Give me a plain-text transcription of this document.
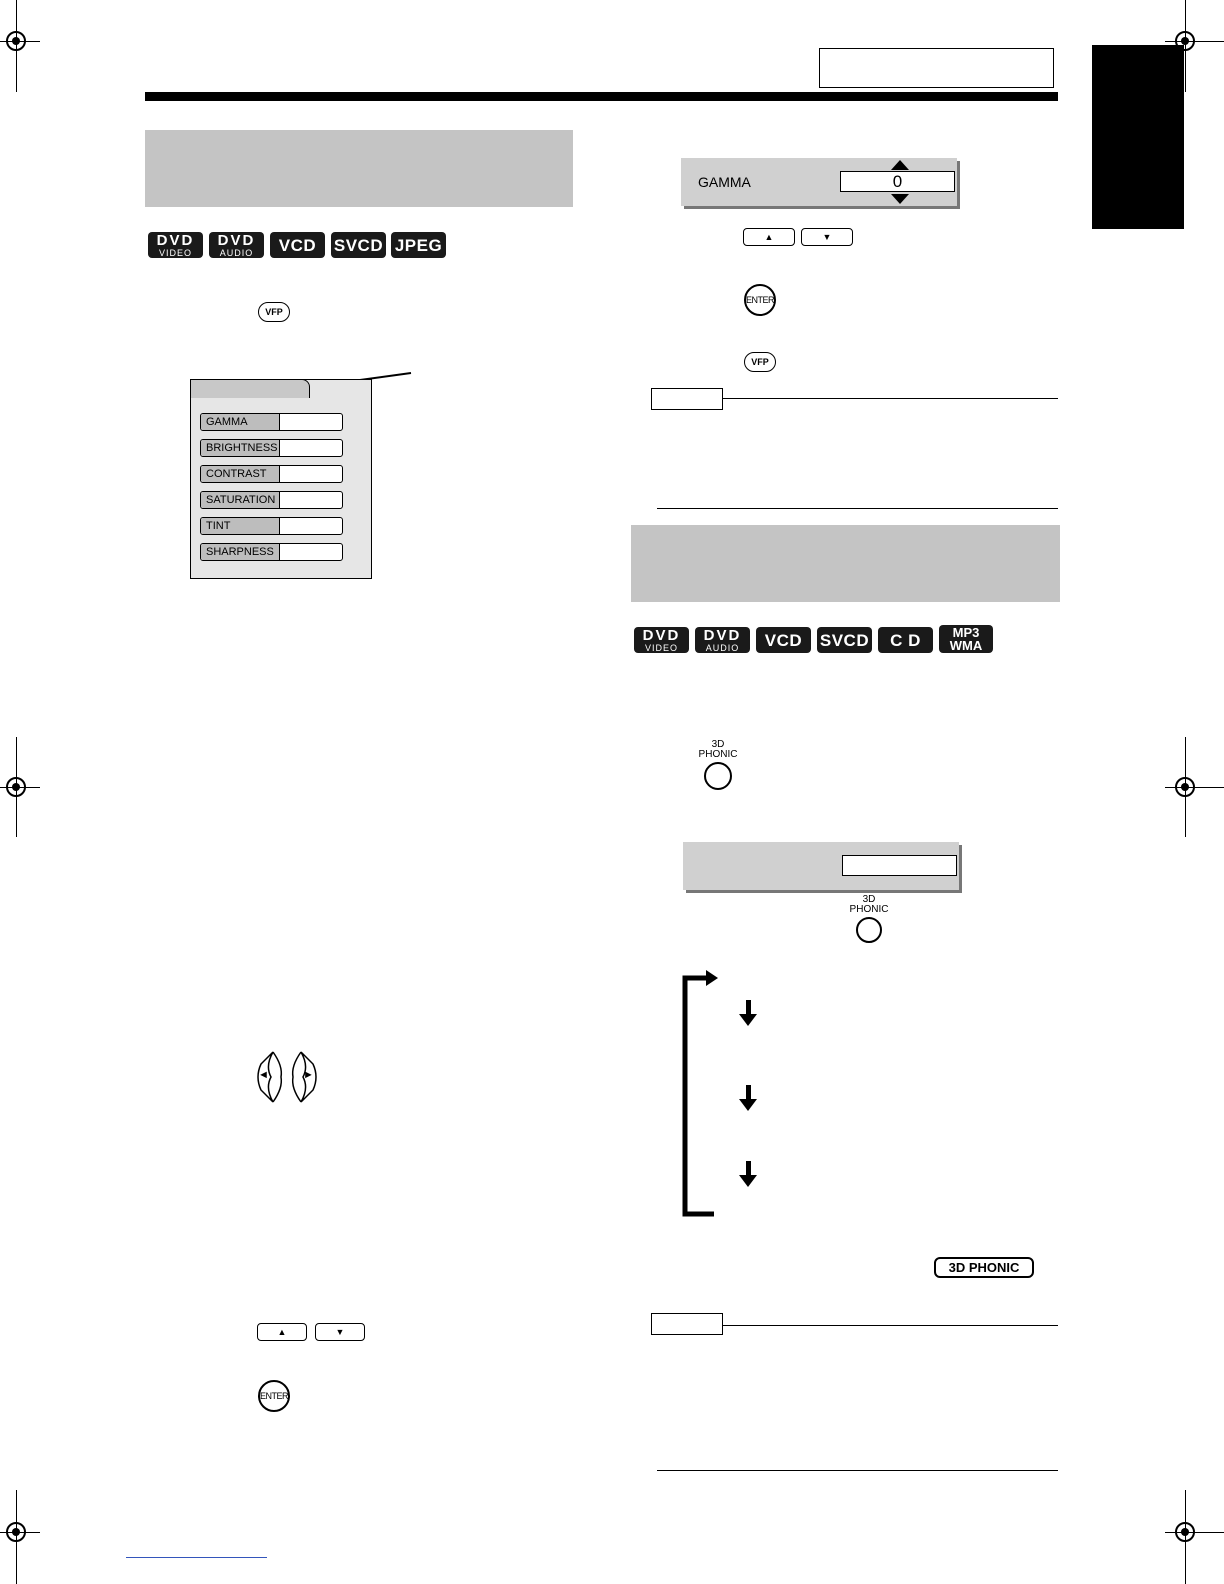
DVD
VIDEO
DVD
AUDIO VCD SVCD JPEG
VFP
GAMMA
BRIGHTNESS
CONTRAST
SATURATION
TINT
SHARPNESS
◄	►
▲	▼
ENTER
GAMMA	0
▲	▼
ENTER
VFP
DVD
VIDEO
DVD
AUDIO VCD SVCD C D MP3
WMA
3D
PHONIC
3D
PHONIC
3D PHONIC
